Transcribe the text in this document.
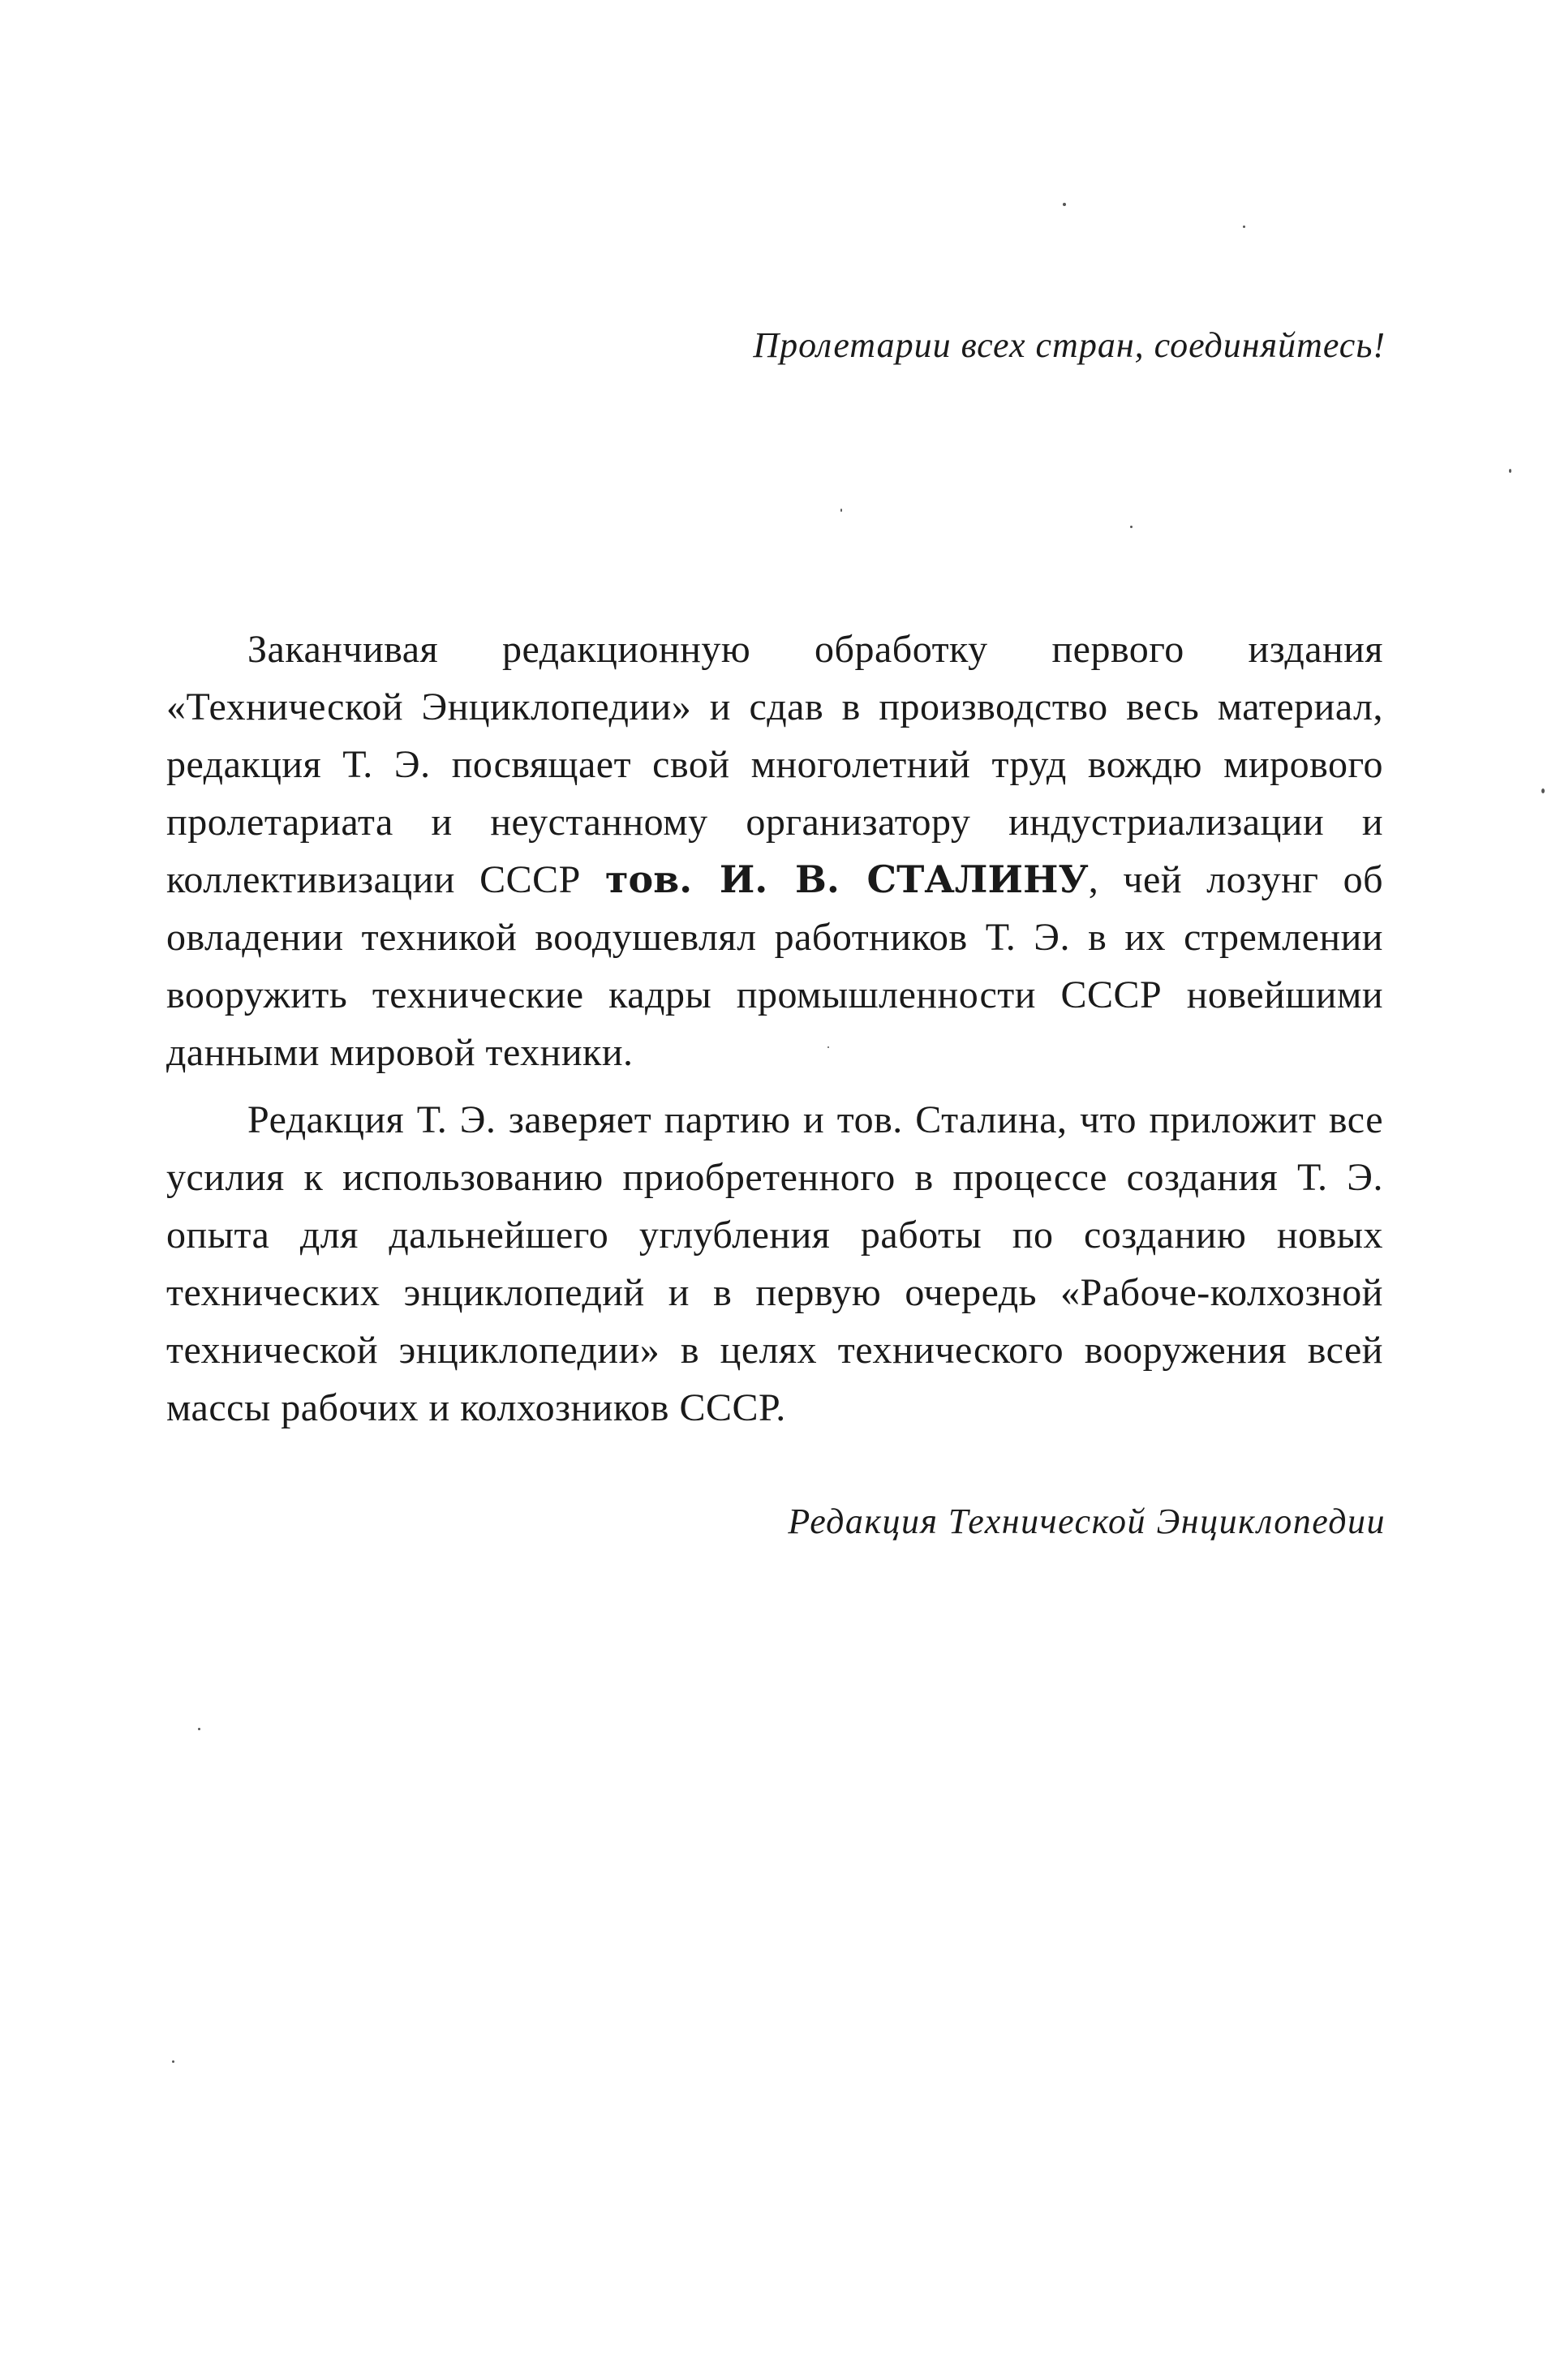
Пролетарии всех стран, соединяйтесь!

Заканчивая редакционную обработку первого издания «Технической Энциклопедии» и сдав в производство весь материал, редакция Т. Э. посвящает свой многолетний труд вождю мирового пролетариата и неустанному организатору индустриализации и коллективизации СССР тов. И. В. СТАЛИНУ, чей лозунг об овладении техникой воодушевлял работников Т. Э. в их стремлении вооружить технические кадры промышленности СССР новейшими данными мировой техники.

Редакция Т. Э. заверяет партию и тов. Сталина, что приложит все усилия к использованию приобретенного в процессе создания Т. Э. опыта для дальнейшего углубления работы по созданию новых технических энциклопедий и в первую очередь «Рабоче-колхозной технической энциклопедии» в целях технического вооружения всей массы рабочих и колхозников СССР.

Редакция Технической Энциклопедии
